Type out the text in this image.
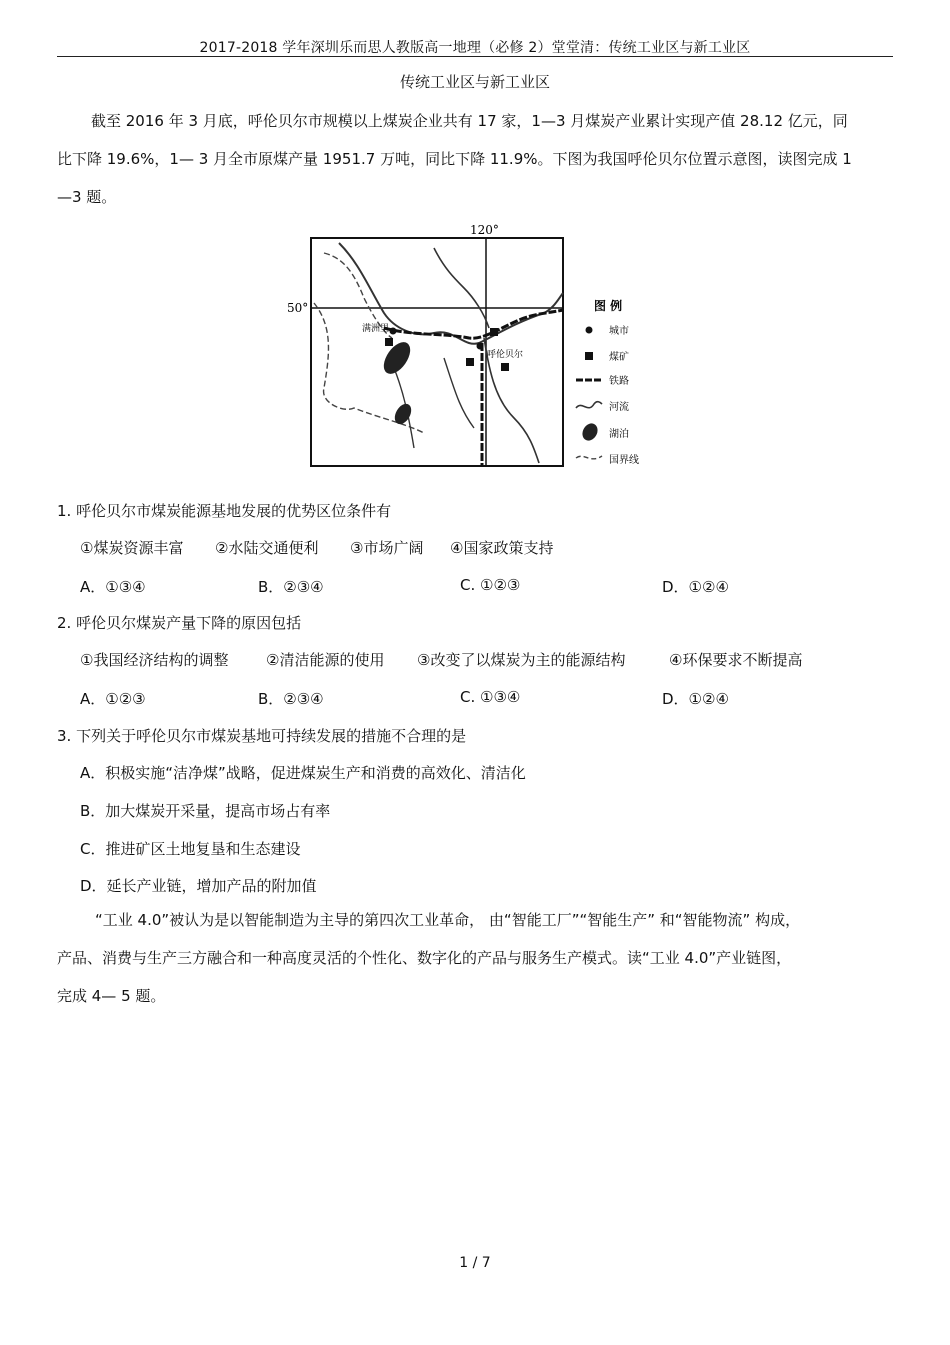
2017-2018 学年深圳乐而思人教版高一地理（必修 2）堂堂清：传统工业区与新工业区
传统工业区与新工业区
截至 2016 年 3 月底，呼伦贝尔市规模以上煤炭企业共有 17 家，1—3 月煤炭产业累计实现产值 28.12 亿元，同
比下降 19.6%，1— 3 月全市原煤产量 1951.7 万吨，同比下降 11.9%。下图为我国呼伦贝尔位置示意图，读图完成 1
—3 题。
120°
50°
满洲里
呼伦贝尔
图 例
城市
煤矿
铁路
河流
湖泊
国界线
1. 呼伦贝尔市煤炭能源基地发展的优势区位条件有
①煤炭资源丰富 ②水陆交通便利 ③市场广阔 ④国家政策支持
A．①③④	B．②③④	C. ①②③	D．①②④
2. 呼伦贝尔煤炭产量下降的原因包括
①我国经济结构的调整	②清洁能源的使用 ③改变了以煤炭为主的能源结构	④环保要求不断提高
A．①②③	B．②③④	C. ①③④	D．①②④
3. 下列关于呼伦贝尔市煤炭基地可持续发展的措施不合理的是
A．积极实施“洁净煤”战略，促进煤炭生产和消费的高效化、清洁化
B．加大煤炭开采量，提高市场占有率
C．推进矿区土地复垦和生态建设
D．延长产业链，增加产品的附加值
“工业 4.0”被认为是以智能制造为主导的第四次工业革命， 由“智能工厂”“智能生产” 和“智能物流” 构成，
产品、消费与生产三方融合和一种高度灵活的个性化、数字化的产品与服务生产模式。读“工业 4.0”产业链图，
完成 4— 5 题。
1 / 7
